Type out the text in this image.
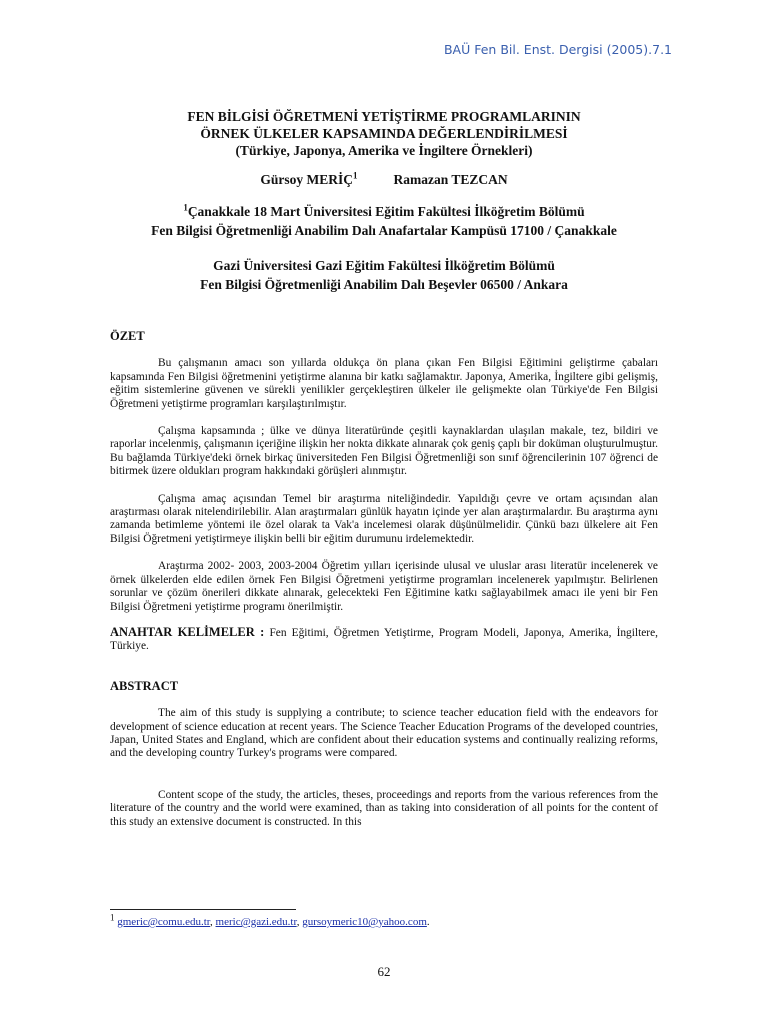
BAÜ Fen Bil. Enst. Dergisi (2005).7.1
FEN BİLGİSİ ÖĞRETMENİ YETİŞTİRME PROGRAMLARININ
ÖRNEK ÜLKELER KAPSAMINDA DEĞERLENDİRİLMESİ
(Türkiye, Japonya, Amerika ve İngiltere Örnekleri)
Gürsoy MERİÇ$^1$	Ramazan TEZCAN
$^1$Çanakkale 18 Mart Üniversitesi Eğitim Fakültesi İlköğretim Bölümü
Fen Bilgisi Öğretmenliği Anabilim Dalı Anafartalar Kampüsü 17100 / Çanakkale
Gazi Üniversitesi Gazi Eğitim Fakültesi İlköğretim Bölümü
Fen Bilgisi Öğretmenliği Anabilim Dalı Beşevler 06500 / Ankara

ÖZET

Bu çalışmanın amacı son yıllarda oldukça ön plana çıkan Fen Bilgisi Eğitimini geliştirme çabaları kapsamında Fen Bilgisi öğretmenini yetiştirme alanına bir katkı sağlamaktır. Japonya, Amerika, İngiltere gibi gelişmiş, eğitim sistemlerine güvenen ve sürekli yenilikler gerçekleştiren ülkeler ile gelişmekte olan Türkiye'de Fen Bilgisi Öğretmeni yetiştirme programları karşılaştırılmıştır.

Çalışma kapsamında ; ülke ve dünya literatüründe çeşitli kaynaklardan ulaşılan makale, tez, bildiri ve raporlar incelenmiş, çalışmanın içeriğine ilişkin her nokta dikkate alınarak çok geniş çaplı bir doküman oluşturulmuştur. Bu bağlamda Türkiye'deki örnek birkaç üniversiteden Fen Bilgisi Öğretmenliği son sınıf öğrencilerinin 107 öğrenci de bitirmek üzere oldukları program hakkındaki görüşleri alınmıştır.

Çalışma amaç açısından Temel bir araştırma niteliğindedir. Yapıldığı çevre ve ortam açısından alan araştırması olarak nitelendirilebilir. Alan araştırmaları günlük hayatın içinde yer alan araştırmalardır. Bu araştırma aynı zamanda betimleme yöntemi ile özel olarak ta Vak'a incelemesi olarak düşünülmelidir. Çünkü bazı ülkelere ait Fen Bilgisi Öğretmeni yetiştirmeye ilişkin belli bir eğitim durumunu irdelemektedir.

Araştırma 2002- 2003, 2003-2004 Öğretim yılları içerisinde ulusal ve uluslar arası literatür incelenerek ve örnek ülkelerden elde edilen örnek Fen Bilgisi Öğretmeni yetiştirme programları incelenerek yapılmıştır. Belirlenen sorunlar ve çözüm önerileri dikkate alınarak, gelecekteki Fen Eğitimine katkı sağlayabilmek amacı ile yeni bir Fen Bilgisi Öğretmeni yetiştirme programı önerilmiştir.

ANAHTAR KELİMELER : Fen Eğitimi, Öğretmen Yetiştirme, Program Modeli, Japonya, Amerika, İngiltere, Türkiye.

ABSTRACT

The aim of this study is supplying a contribute; to science teacher education field with the endeavors for development of science education at recent years. The Science Teacher Education Programs of the developed countries, Japan, United States and England, which are confident about their education systems and continually realizing reforms, and the developing country Turkey's programs were compared.

Content scope of the study, the articles, theses, proceedings and reports from the various references from the literature of the country and the world were examined, than as taking into consideration of all points for the content of this study an extensive document is constructed. In this

$^1$ gmeric@comu.edu.tr, meric@gazi.edu.tr, gursoymeric10@yahoo.com.
62
